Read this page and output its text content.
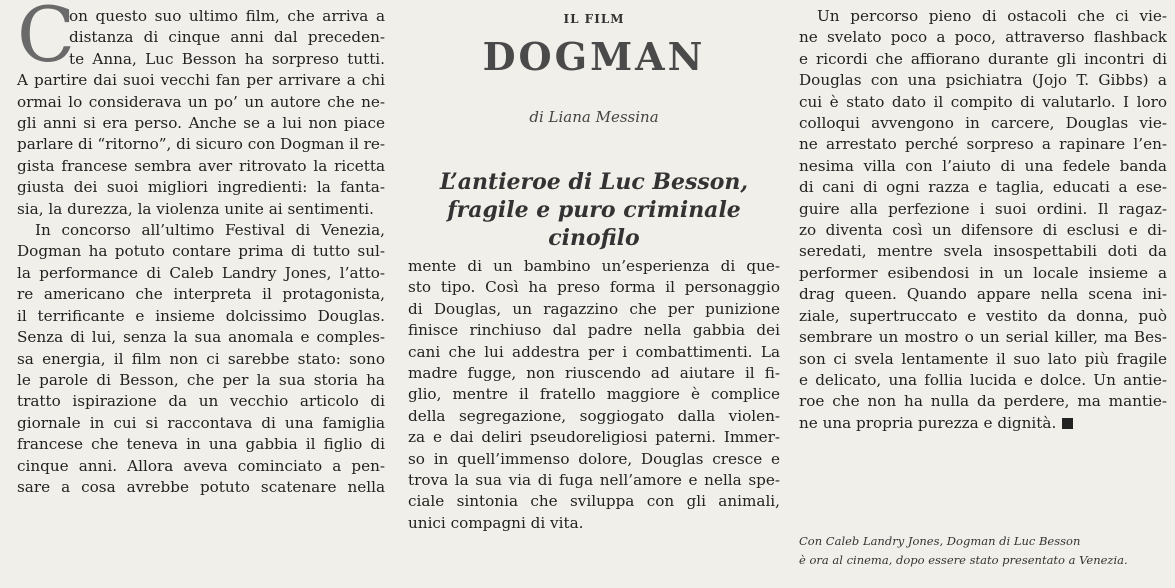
C

on questo suo ultimo film, che arriva a
distanza di cinque anni dal preceden-
te Anna, Luc Besson ha sorpreso tutti.
A partire dai suoi vecchi fan per arrivare a chi
ormai lo considerava un po’ un autore che ne-
gli anni si era perso. Anche se a lui non piace
parlare di “ritorno”, di sicuro con Dogman il re-
gista francese sembra aver ritrovato la ricetta
giusta dei suoi migliori ingredienti: la fanta-
sia, la durezza, la violenza unite ai sentimenti.

In concorso all’ultimo Festival di Venezia,
Dogman ha potuto contare prima di tutto sul-
la performance di Caleb Landry Jones, l’atto-
re americano che interpreta il protagonista,
il terrificante e insieme dolcissimo Douglas.
Senza di lui, senza la sua anomala e comples-
sa energia, il film non ci sarebbe stato: sono
le parole di Besson, che per la sua storia ha
tratto ispirazione da un vecchio articolo di
giornale in cui si raccontava di una famiglia
francese che teneva in una gabbia il figlio di
cinque anni. Allora aveva cominciato a pen-
sare a cosa avrebbe potuto scatenare nella

IL FILM
DOGMAN
di Liana Messina
L’antieroe di Luc Besson,
fragile e puro criminale cinofilo
mente di un bambino un’esperienza di que-
sto tipo. Così ha preso forma il personaggio
di Douglas, un ragazzino che per punizione
finisce rinchiuso dal padre nella gabbia dei
cani che lui addestra per i combattimenti. La
madre fugge, non riuscendo ad aiutare il fi-
glio, mentre il fratello maggiore è complice
della segregazione, soggiogato dalla violen-
za e dai deliri pseudoreligiosi paterni. Immer-
so in quell’immenso dolore, Douglas cresce e
trova la sua via di fuga nell’amore e nella spe-
ciale sintonia che sviluppa con gli animali,
unici compagni di vita.
Un percorso pieno di ostacoli che ci vie-
ne svelato poco a poco, attraverso flashback
e ricordi che affiorano durante gli incontri di
Douglas con una psichiatra (Jojo T. Gibbs) a
cui è stato dato il compito di valutarlo. I loro
colloqui avvengono in carcere, Douglas vie-
ne arrestato perché sorpreso a rapinare l’en-
nesima villa con l’aiuto di una fedele banda
di cani di ogni razza e taglia, educati a ese-
guire alla perfezione i suoi ordini. Il ragaz-
zo diventa così un difensore di esclusi e di-
seredati, mentre svela insospettabili doti da
performer esibendosi in un locale insieme a
drag queen. Quando appare nella scena ini-
ziale, supertruccato e vestito da donna, può
sembrare un mostro o un serial killer, ma Bes-
son ci svela lentamente il suo lato più fragile
e delicato, una follia lucida e dolce. Un antie-
roe che non ha nulla da perdere, ma mantie-
ne una propria purezza e dignità.
Con Caleb Landry Jones, Dogman di Luc Besson
è ora al cinema, dopo essere stato presentato a Venezia.
